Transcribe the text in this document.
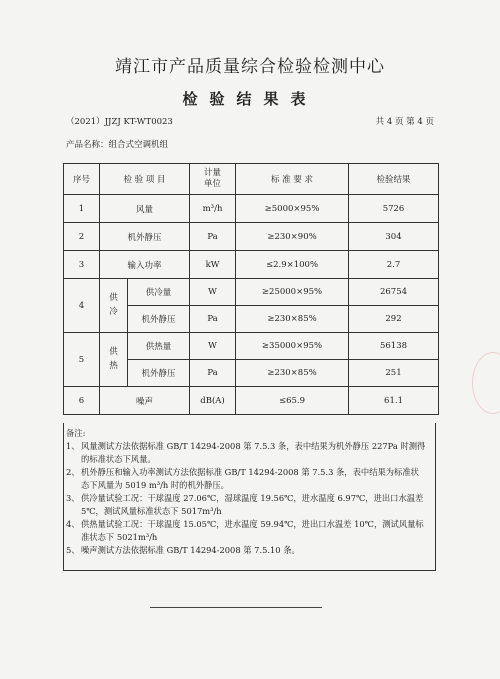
靖江市产品质量综合检验检测中心
检验结果表
（2021）JJZJ KT-WT0023	共 4 页 第 4 页
产品名称：组合式空调机组
序号	检 验 项 目		计量单位	标 准 要 求	检验结果
1	风量		m³/h	≥5000×95%	5726
2	机外静压		Pa	≥230×90%	304
3	输入功率		kW	≤2.9×100%	2.7
4	供冷	供冷量	W	≥25000×95%	26754
		机外静压	Pa	≥230×85%	292
5	供热	供热量	W	≥35000×95%	56138
		机外静压	Pa	≥230×85%	251
6	噪声		dB(A)	≤65.9	61.1
备注:
1、 风量测试方法依据标准 GB/T 14294-2008 第 7.5.3 条，表中结果为机外静压 227Pa 时测得的标准状态下风量。
2、 机外静压和输入功率测试方法依据标准 GB/T 14294-2008 第 7.5.3 条，表中结果为标准状态下风量为 5019 m³/h 时的机外静压。
3、 供冷量试验工况：干球温度 27.06℃，湿球温度 19.56℃，进水温度 6.97℃，进出口水温差 5℃，测试风量标准状态下 5017m³/h
4、 供热量试验工况：干球温度 15.05℃，进水温度 59.94℃，进出口水温差 10℃，测试风量标准状态下 5021m³/h
5、 噪声测试方法依据标准 GB/T 14294-2008 第 7.5.10 条。
